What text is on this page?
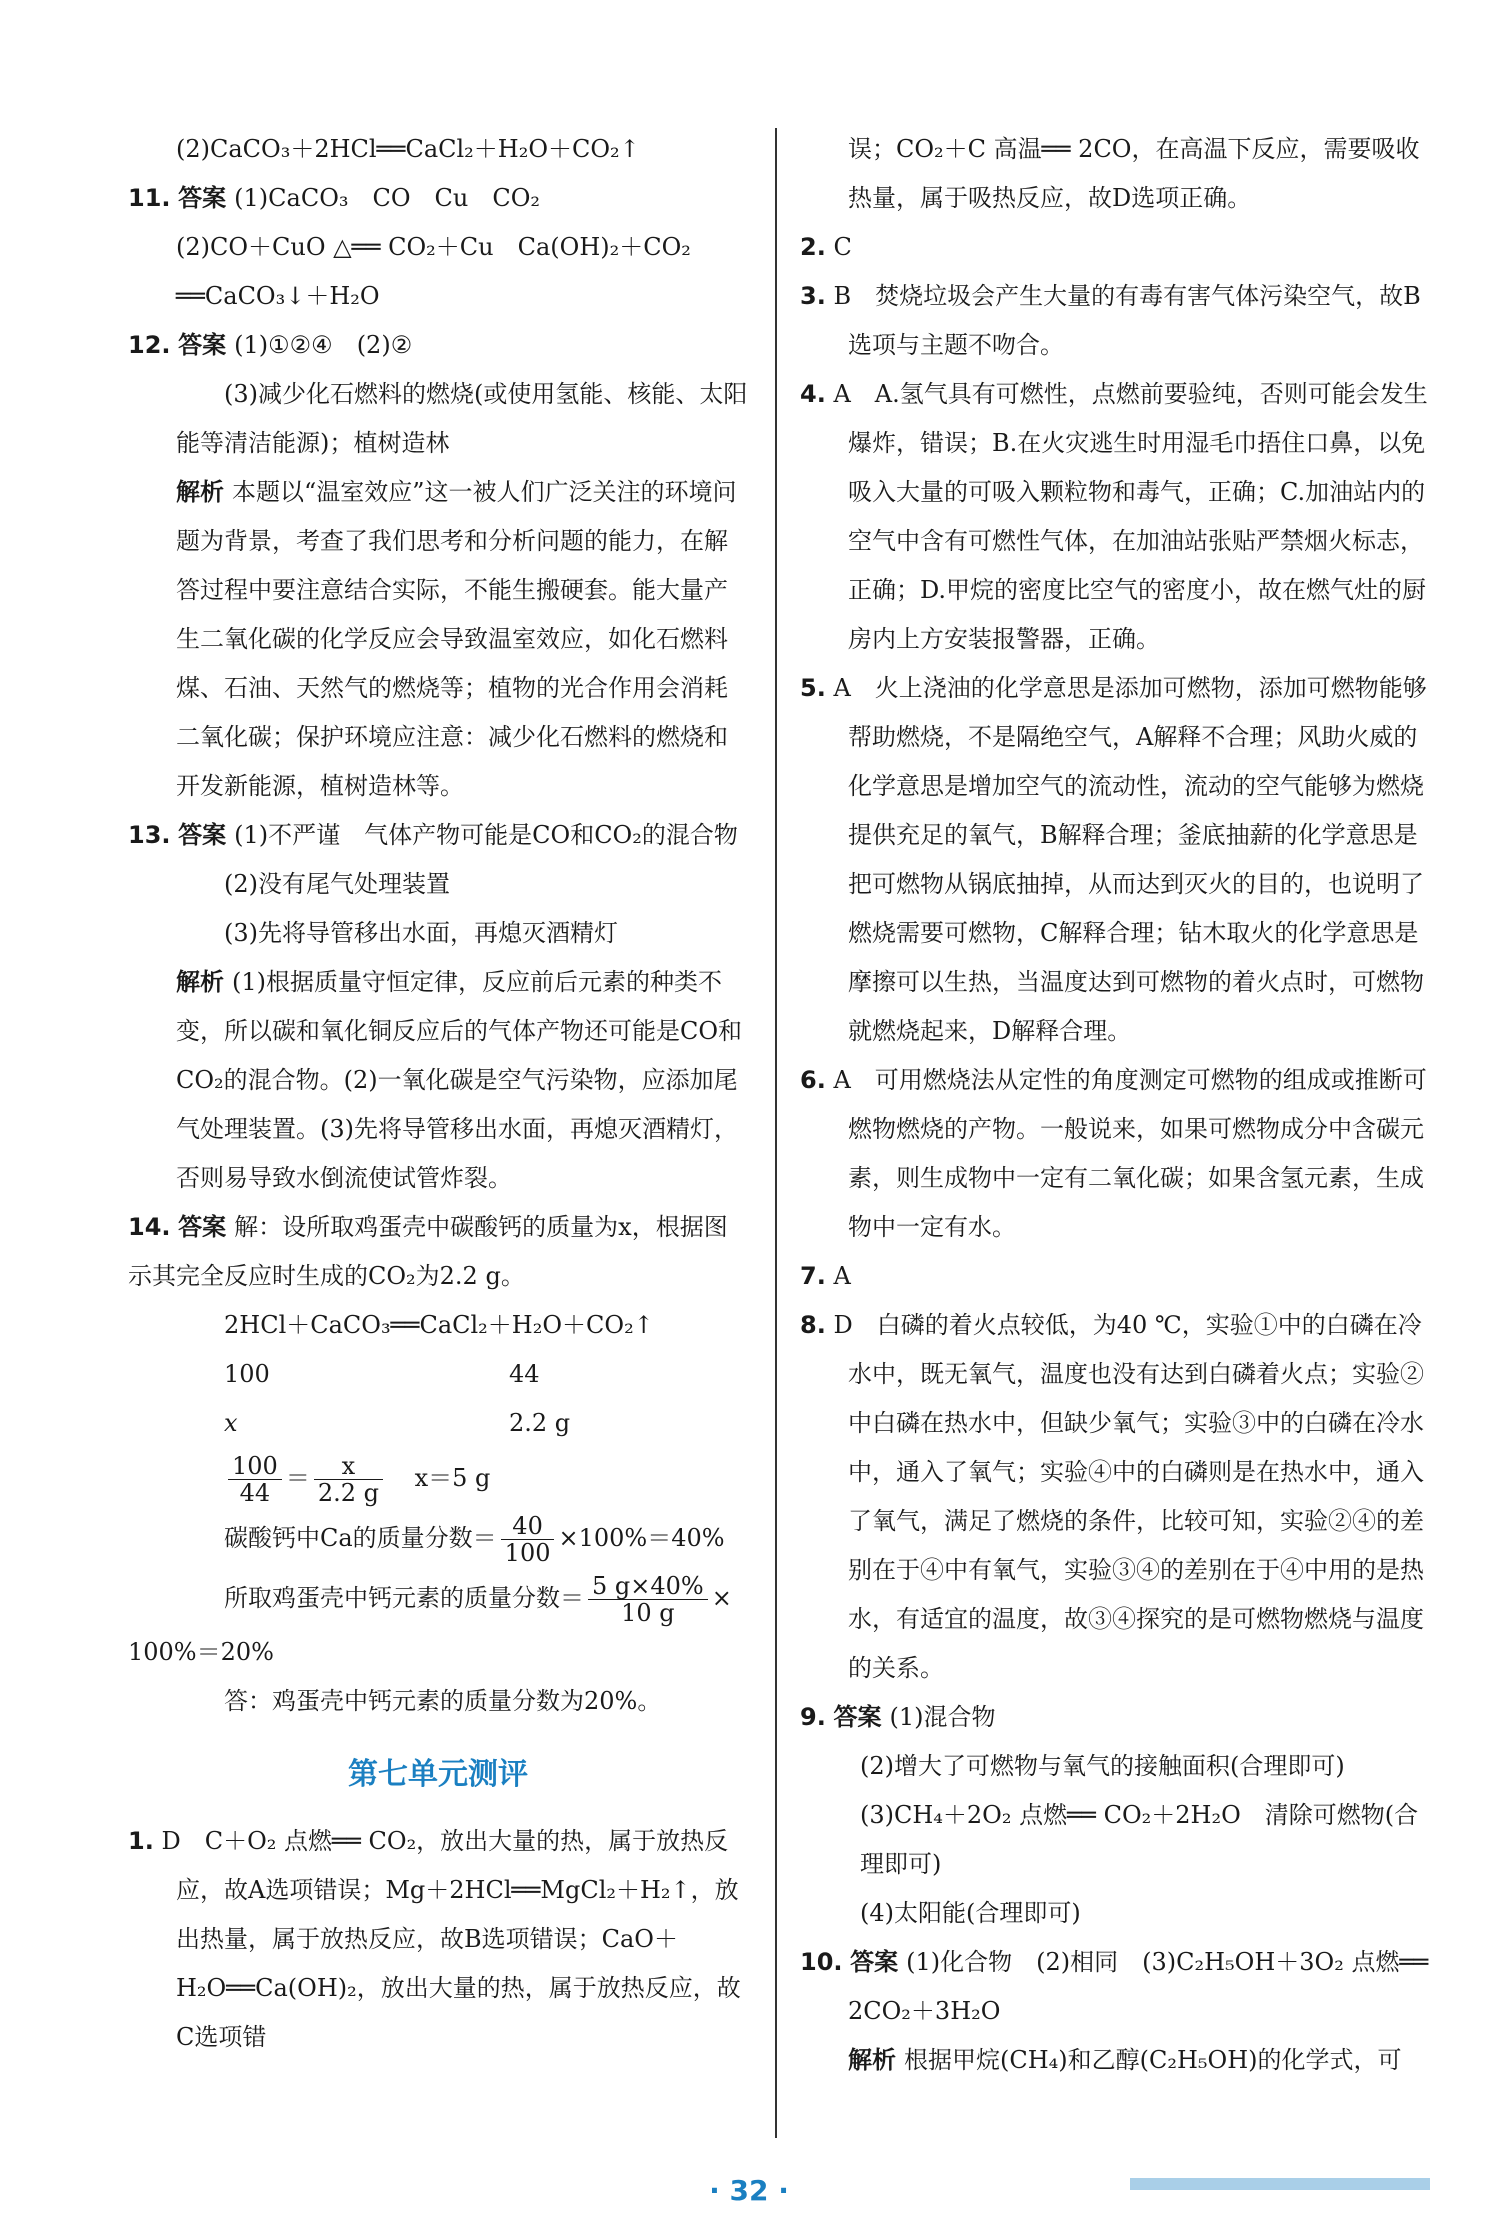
(2)CaCO₃＋2HCl══CaCl₂＋H₂O＋CO₂↑

11. 答案 (1)CaCO₃　CO　Cu　CO₂

(2)CO＋CuO △══ CO₂＋Cu　Ca(OH)₂＋CO₂

══CaCO₃↓＋H₂O

12. 答案 (1)①②④　(2)②

(3)减少化石燃料的燃烧(或使用氢能、核能、太阳能等清洁能源)；植树造林

解析 本题以“温室效应”这一被人们广泛关注的环境问题为背景，考查了我们思考和分析问题的能力，在解答过程中要注意结合实际，不能生搬硬套。能大量产生二氧化碳的化学反应会导致温室效应，如化石燃料煤、石油、天然气的燃烧等；植物的光合作用会消耗二氧化碳；保护环境应注意：减少化石燃料的燃烧和开发新能源，植树造林等。

13. 答案 (1)不严谨　气体产物可能是CO和CO₂的混合物

(2)没有尾气处理装置

(3)先将导管移出水面，再熄灭酒精灯

解析 (1)根据质量守恒定律，反应前后元素的种类不变，所以碳和氧化铜反应后的气体产物还可能是CO和CO₂的混合物。(2)一氧化碳是空气污染物，应添加尾气处理装置。(3)先将导管移出水面，再熄灭酒精灯，否则易导致水倒流使试管炸裂。

14. 答案 解：设所取鸡蛋壳中碳酸钙的质量为x，根据图示其完全反应时生成的CO₂为2.2 g。

2HCl＋CaCO₃══CaCl₂＋H₂O＋CO₂↑

100	44

x	2.2 g

$\frac{100}{44} = \frac{x}{2.2 g} x=5$ g

碳酸钙中Ca的质量分数＝ $\frac{40}{100} \times 100\%=40\%$

所取鸡蛋壳中钙元素的质量分数＝ $\frac{5 g\times 40\%}{10 g}$ ×

100%＝20%

答：鸡蛋壳中钙元素的质量分数为20%。

第七单元测评

1. D　C＋O₂ 点燃══ CO₂，放出大量的热，属于放热反应，故A选项错误；Mg＋2HCl══MgCl₂＋H₂↑，放出热量，属于放热反应，故B选项错误；CaO＋H₂O══Ca(OH)₂，放出大量的热，属于放热反应，故C选项错

误；CO₂＋C 高温══ 2CO，在高温下反应，需要吸收热量，属于吸热反应，故D选项正确。

2. C

3. B　焚烧垃圾会产生大量的有毒有害气体污染空气，故B选项与主题不吻合。

4. A　A.氢气具有可燃性，点燃前要验纯，否则可能会发生爆炸，错误；B.在火灾逃生时用湿毛巾捂住口鼻，以免吸入大量的可吸入颗粒物和毒气，正确；C.加油站内的空气中含有可燃性气体，在加油站张贴严禁烟火标志，正确；D.甲烷的密度比空气的密度小，故在燃气灶的厨房内上方安装报警器，正确。

5. A　火上浇油的化学意思是添加可燃物，添加可燃物能够帮助燃烧，不是隔绝空气，A解释不合理；风助火威的化学意思是增加空气的流动性，流动的空气能够为燃烧提供充足的氧气，B解释合理；釜底抽薪的化学意思是把可燃物从锅底抽掉，从而达到灭火的目的，也说明了燃烧需要可燃物，C解释合理；钻木取火的化学意思是摩擦可以生热，当温度达到可燃物的着火点时，可燃物就燃烧起来，D解释合理。

6. A　可用燃烧法从定性的角度测定可燃物的组成或推断可燃物燃烧的产物。一般说来，如果可燃物成分中含碳元素，则生成物中一定有二氧化碳；如果含氢元素，生成物中一定有水。

7. A

8. D　白磷的着火点较低，为40 ℃，实验①中的白磷在冷水中，既无氧气，温度也没有达到白磷着火点；实验②中白磷在热水中，但缺少氧气；实验③中的白磷在冷水中，通入了氧气；实验④中的白磷则是在热水中，通入了氧气，满足了燃烧的条件，比较可知，实验②④的差别在于④中有氧气，实验③④的差别在于④中用的是热水，有适宜的温度，故③④探究的是可燃物燃烧与温度的关系。

9. 答案 (1)混合物

(2)增大了可燃物与氧气的接触面积(合理即可)

(3)CH₄＋2O₂ 点燃══ CO₂＋2H₂O　清除可燃物(合理即可)

(4)太阳能(合理即可)

10. 答案 (1)化合物　(2)相同　(3)C₂H₅OH＋3O₂ 点燃══ 2CO₂＋3H₂O

解析 根据甲烷(CH₄)和乙醇(C₂H₅OH)的化学式，可

· 32 ·
